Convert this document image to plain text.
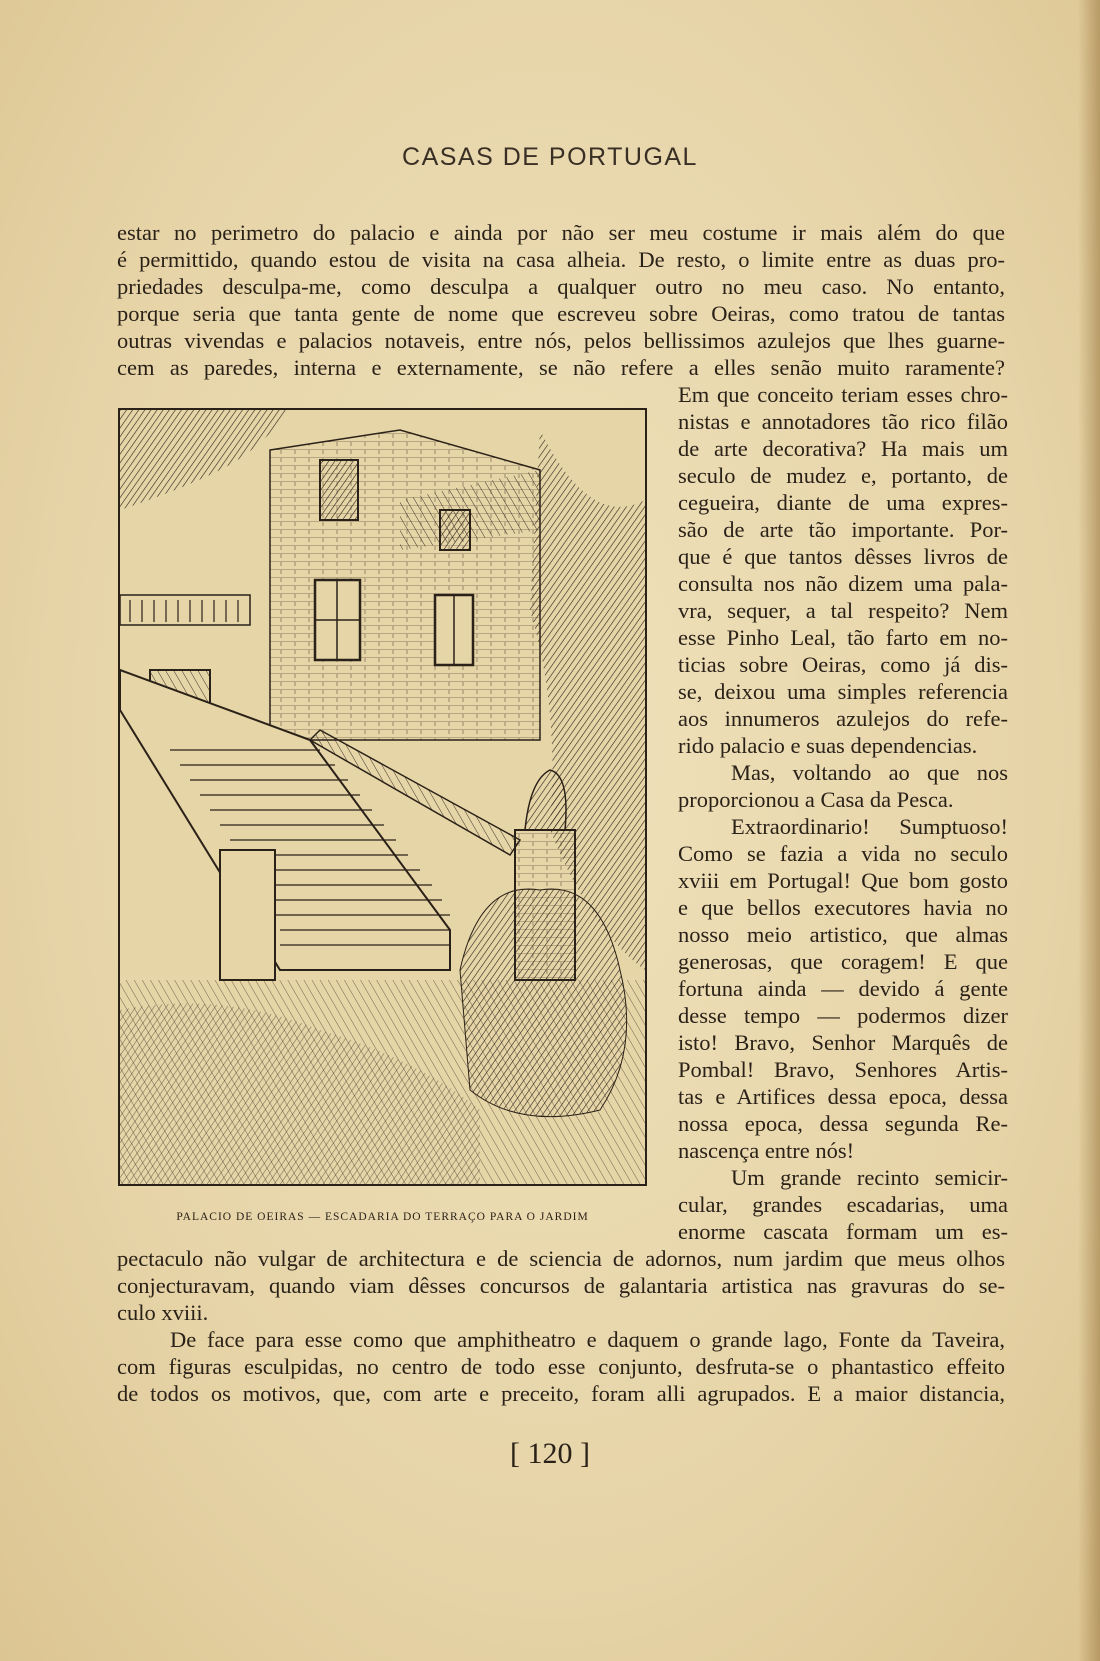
CASAS DE PORTUGAL
estar no perimetro do palacio e ainda por não ser meu costume ir mais além do que
é permittido, quando estou de visita na casa alheia. De resto, o limite entre as duas pro-
priedades desculpa-me, como desculpa a qualquer outro no meu caso. No entanto,
porque seria que tanta gente de nome que escreveu sobre Oeiras, como tratou de tantas
outras vivendas e palacios notaveis, entre nós, pelos bellissimos azulejos que lhes guarne-
cem as paredes, interna e externamente, se não refere a elles senão muito raramente?
PALACIO DE OEIRAS — ESCADARIA DO TERRAÇO PARA O JARDIM
Em que conceito teriam esses chro-
nistas e annotadores tão rico filão
de arte decorativa? Ha mais um
seculo de mudez e, portanto, de
cegueira, diante de uma expres-
são de arte tão importante. Por-
que é que tantos dêsses livros de
consulta nos não dizem uma pala-
vra, sequer, a tal respeito? Nem
esse Pinho Leal, tão farto em no-
ticias sobre Oeiras, como já dis-
se, deixou uma simples referencia
aos innumeros azulejos do refe-
rido palacio e suas dependencias.
Mas, voltando ao que nos
proporcionou a Casa da Pesca.
Extraordinario! Sumptuoso!
Como se fazia a vida no seculo
xviii em Portugal! Que bom gosto
e que bellos executores havia no
nosso meio artistico, que almas
generosas, que coragem! E que
fortuna ainda — devido á gente
desse tempo — podermos dizer
isto! Bravo, Senhor Marquês de
Pombal! Bravo, Senhores Artis-
tas e Artifices dessa epoca, dessa
nossa epoca, dessa segunda Re-
nascença entre nós!
Um grande recinto semicir-
cular, grandes escadarias, uma
enorme cascata formam um es-
pectaculo não vulgar de architectura e de sciencia de adornos, num jardim que meus olhos
conjecturavam, quando viam dêsses concursos de galantaria artistica nas gravuras do se-
culo xviii.
De face para esse como que amphitheatro e daquem o grande lago, Fonte da Taveira,
com figuras esculpidas, no centro de todo esse conjunto, desfruta-se o phantastico effeito
de todos os motivos, que, com arte e preceito, foram alli agrupados. E a maior distancia,
[ 120 ]
